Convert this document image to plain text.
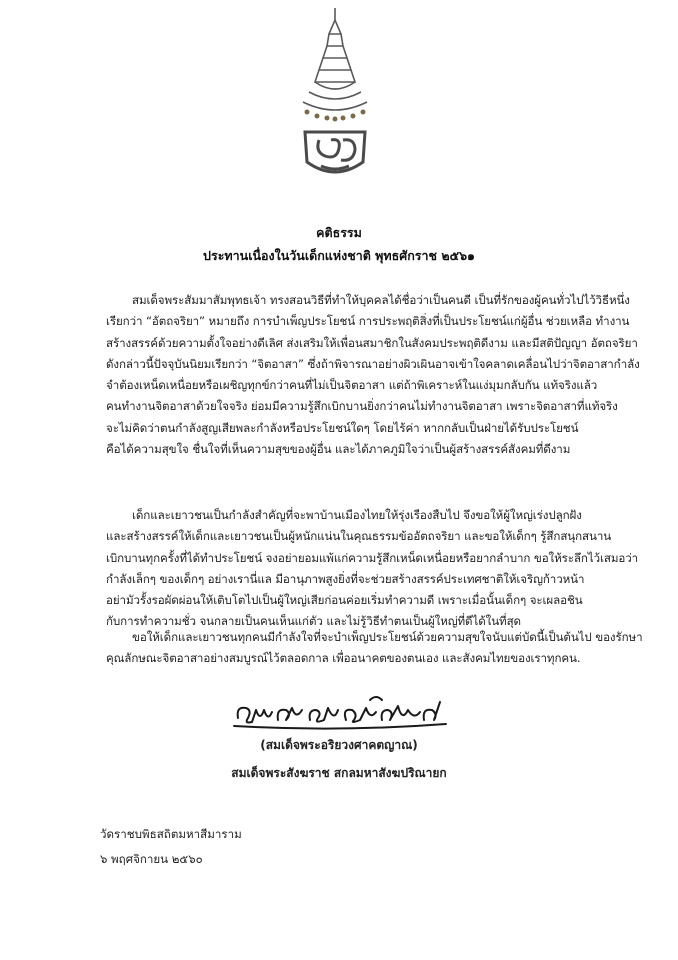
คติธรรม
ประทานเนื่องในวันเด็กแห่งชาติ พุทธศักราช ๒๕๖๑
สมเด็จพระสัมมาสัมพุทธเจ้า ทรงสอนวิธีที่ทำให้บุคคลได้ชื่อว่าเป็นคนดี เป็นที่รักของผู้คนทั่วไปไว้วิธีหนึ่ง
เรียกว่า “อัตถจริยา” หมายถึง การบำเพ็ญประโยชน์ การประพฤติสิ่งที่เป็นประโยชน์แก่ผู้อื่น ช่วยเหลือ ทำงาน
สร้างสรรค์ด้วยความตั้งใจอย่างดีเลิศ ส่งเสริมให้เพื่อนสมาชิกในสังคมประพฤติดีงาม และมีสติปัญญา อัตถจริยา
ดังกล่าวนี้ปัจจุบันนิยมเรียกว่า “จิตอาสา” ซึ่งถ้าพิจารณาอย่างผิวเผินอาจเข้าใจคลาดเคลื่อนไปว่าจิตอาสากำลัง
จำต้องเหน็ดเหนื่อยหรือเผชิญทุกข์กว่าคนที่ไม่เป็นจิตอาสา แต่ถ้าพิเคราะห์ในแง่มุมกลับกัน แท้จริงแล้ว
คนทำงานจิตอาสาด้วยใจจริง ย่อมมีความรู้สึกเบิกบานยิ่งกว่าคนไม่ทำงานจิตอาสา เพราะจิตอาสาที่แท้จริง
จะไม่คิดว่าตนกำลังสูญเสียพละกำลังหรือประโยชน์ใดๆ โดยไร้ค่า หากกลับเป็นฝ่ายได้รับประโยชน์
คือได้ความสุขใจ ชื่นใจที่เห็นความสุขของผู้อื่น และได้ภาคภูมิใจว่าเป็นผู้สร้างสรรค์สังคมที่ดีงาม
เด็กและเยาวชนเป็นกำลังสำคัญที่จะพาบ้านเมืองไทยให้รุ่งเรืองสืบไป จึงขอให้ผู้ใหญ่เร่งปลูกฝัง
และสร้างสรรค์ให้เด็กและเยาวชนเป็นผู้หนักแน่นในคุณธรรมข้ออัตถจริยา และขอให้เด็กๆ รู้สึกสนุกสนาน
เบิกบานทุกครั้งที่ได้ทำประโยชน์ จงอย่ายอมแพ้แก่ความรู้สึกเหน็ดเหนื่อยหรือยากลำบาก ขอให้ระลึกไว้เสมอว่า
กำลังเล็กๆ ของเด็กๆ อย่างเรานี่แล มีอานุภาพสูงยิ่งที่จะช่วยสร้างสรรค์ประเทศชาติให้เจริญก้าวหน้า
อย่ามัวรั้งรอผัดผ่อนให้เติบโตไปเป็นผู้ใหญ่เสียก่อนค่อยเริ่มทำความดี เพราะเมื่อนั้นเด็กๆ จะเผลอชิน
กับการทำความชั่ว จนกลายเป็นคนเห็นแก่ตัว และไม่รู้วิธีทำตนเป็นผู้ใหญ่ที่ดีได้ในที่สุด
ขอให้เด็กและเยาวชนทุกคนมีกำลังใจที่จะบำเพ็ญประโยชน์ด้วยความสุขใจนับแต่บัดนี้เป็นต้นไป ของรักษา
คุณลักษณะจิตอาสาอย่างสมบูรณ์ไว้ตลอดกาล เพื่ออนาคตของตนเอง และสังคมไทยของเราทุกคน.
(สมเด็จพระอริยวงศาคตญาณ)
สมเด็จพระสังฆราช สกลมหาสังฆปริณายก
วัดราชบพิธสถิตมหาสีมาราม
๖ พฤศจิกายน ๒๕๖๐
